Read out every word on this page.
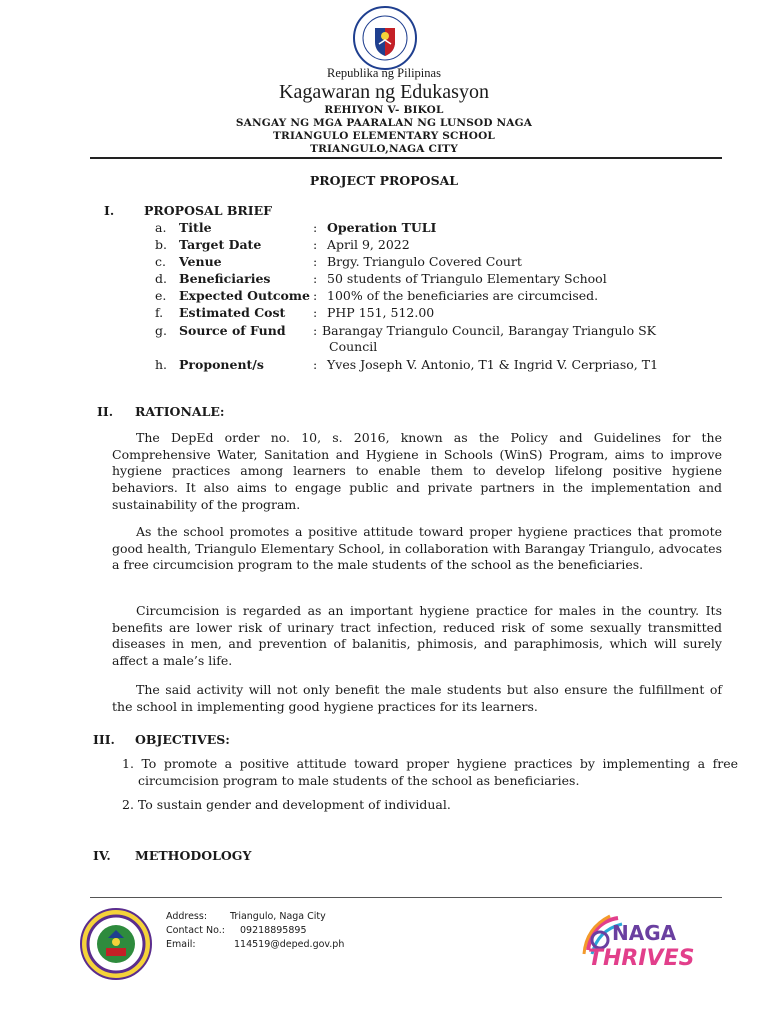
Republika ng Pilipinas
Kagawaran ng Edukasyon
REHIYON V- BIKOL
SANGAY NG MGA PAARALAN NG LUNSOD NAGA
TRIANGULO ELEMENTARY SCHOOL
TRIANGULO,NAGA CITY
PROJECT PROPOSAL
I. PROPOSAL BRIEF
a. Title	: Operation TULI
b. Target Date	: April 9, 2022
c. Venue	: Brgy. Triangulo Covered Court
d. Beneficiaries	: 50 students of Triangulo Elementary School
e. Expected Outcome : 100% of the beneficiaries are circumcised.
f. Estimated Cost : PHP 151, 512.00
g. Source of Fund : Barangay Triangulo Council, Barangay Triangulo SK
Council
h. Proponent/s	: Yves Joseph V. Antonio, T1 & Ingrid V. Cerpriaso, T1
II. RATIONALE:

The DepEd order no. 10, s. 2016, known as the Policy and Guidelines for the Comprehensive Water, Sanitation and Hygiene in Schools (WinS) Program, aims to improve hygiene practices among learners to enable them to develop lifelong positive hygiene behaviors. It also aims to engage public and private partners in the implementation and sustainability of the program.

As the school promotes a positive attitude toward proper hygiene practices that promote good health, Triangulo Elementary School, in collaboration with Barangay Triangulo, advocates a free circumcision program to the male students of the school as the beneficiaries.

Circumcision is regarded as an important hygiene practice for males in the country. Its benefits are lower risk of urinary tract infection, reduced risk of some sexually transmitted diseases in men, and prevention of balanitis, phimosis, and paraphimosis, which will surely affect a male’s life.

The said activity will not only benefit the male students but also ensure the fulfillment of the school in implementing good hygiene practices for its learners.

III. OBJECTIVES:

1. To promote a positive attitude toward proper hygiene practices by implementing a free circumcision program to male students of the school as beneficiaries.

2. To sustain gender and development of individual.

IV. METHODOLOGY
Address: Triangulo, Naga City
Contact No.: 09218895895
Email:	114519@deped.gov.ph	NAGA
THRIVES
